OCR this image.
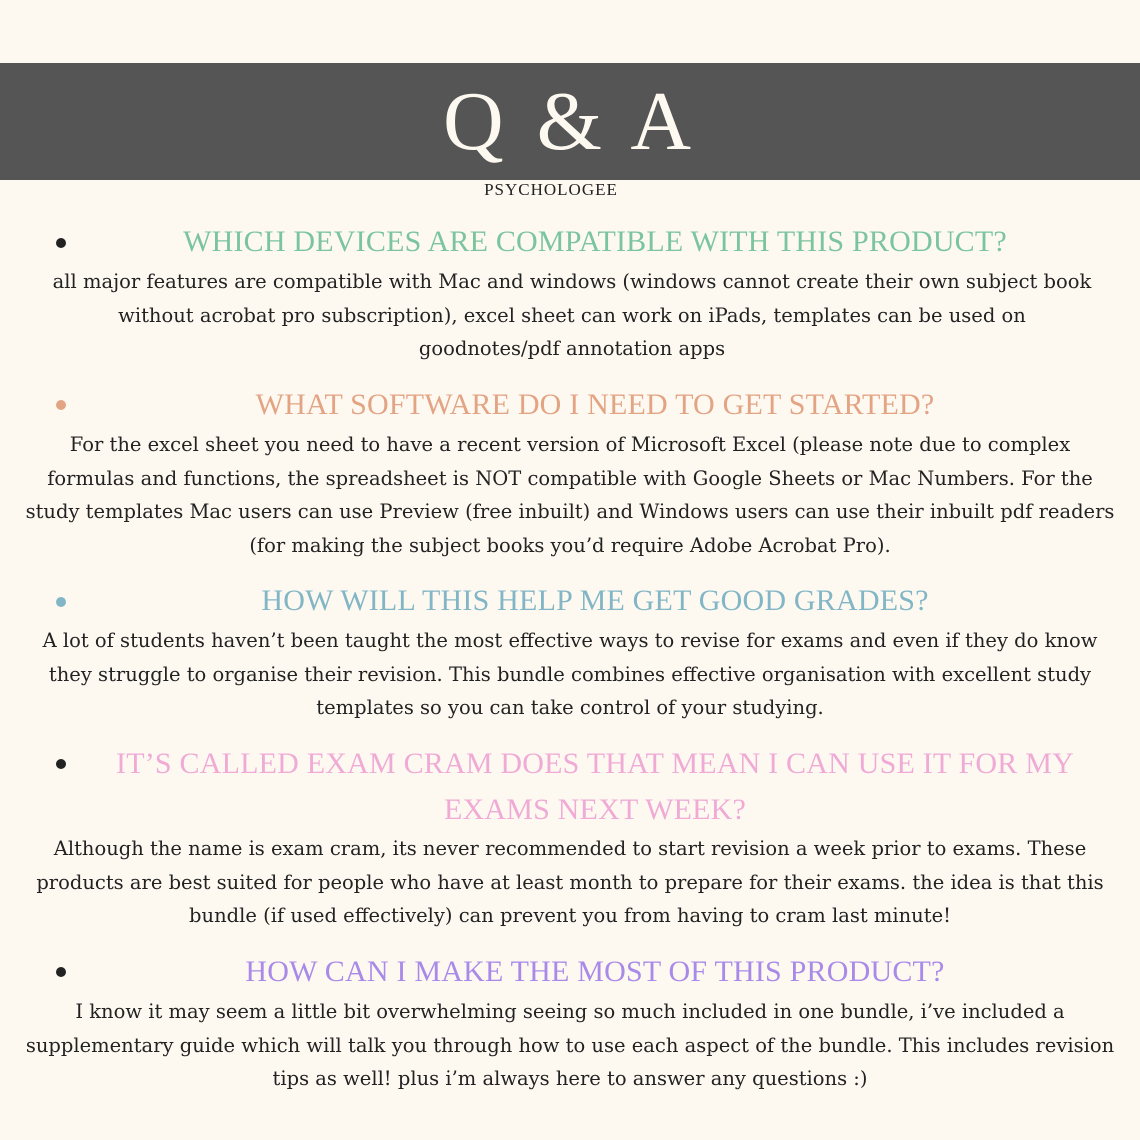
Q & A
PSYCHOLOGEE
WHICH DEVICES ARE COMPATIBLE WITH THIS PRODUCT?

all major features are compatible with Mac and windows (windows cannot create their own subject book without acrobat pro subscription), excel sheet can work on iPads, templates can be used on goodnotes/pdf annotation apps

WHAT SOFTWARE DO I NEED TO GET STARTED?

For the excel sheet you need to have a recent version of Microsoft Excel (please note due to complex formulas and functions, the spreadsheet is NOT compatible with Google Sheets or Mac Numbers. For the study templates Mac users can use Preview (free inbuilt) and Windows users can use their inbuilt pdf readers (for making the subject books you’d require Adobe Acrobat Pro).

HOW WILL THIS HELP ME GET GOOD GRADES?

A lot of students haven’t been taught the most effective ways to revise for exams and even if they do know they struggle to organise their revision. This bundle combines effective organisation with excellent study templates so you can take control of your studying.

IT’S CALLED EXAM CRAM DOES THAT MEAN I CAN USE IT FOR MY EXAMS NEXT WEEK?

Although the name is exam cram, its never recommended to start revision a week prior to exams. These products are best suited for people who have at least month to prepare for their exams. the idea is that this bundle (if used effectively) can prevent you from having to cram last minute!

HOW CAN I MAKE THE MOST OF THIS PRODUCT?

I know it may seem a little bit overwhelming seeing so much included in one bundle, i’ve included a supplementary guide which will talk you through how to use each aspect of the bundle. This includes revision tips as well! plus i’m always here to answer any questions :)
